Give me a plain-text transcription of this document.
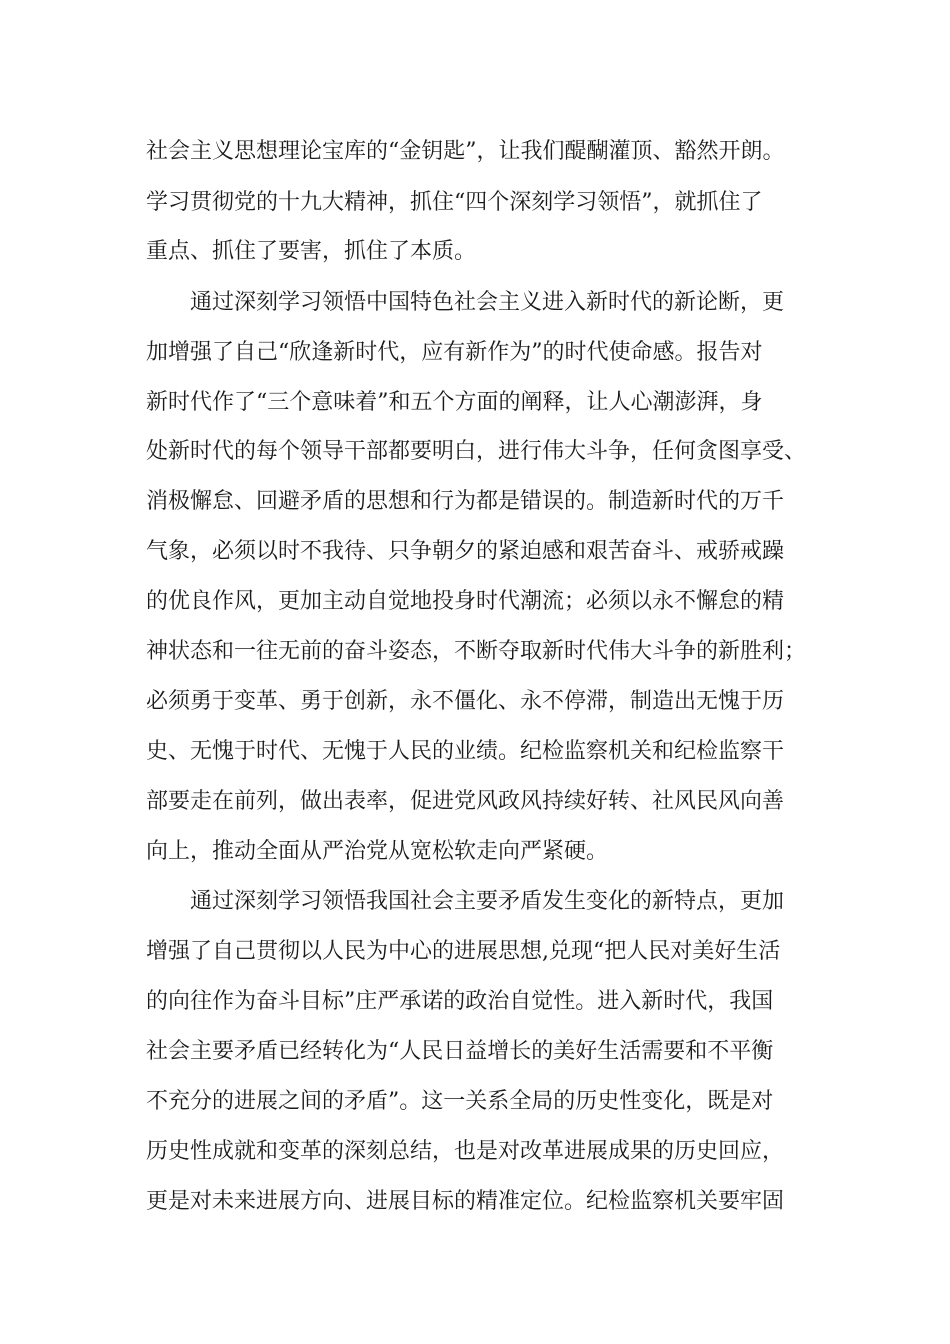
社会主义思想理论宝库的“金钥匙”，让我们醍醐灌顶、豁然开朗。
学习贯彻党的十九大精神，抓住“四个深刻学习领悟”，就抓住了
重点、抓住了要害，抓住了本质。
通过深刻学习领悟中国特色社会主义进入新时代的新论断，更
加增强了自己“欣逢新时代，应有新作为”的时代使命感。报告对
新时代作了“三个意味着”和五个方面的阐释，让人心潮澎湃，身
处新时代的每个领导干部都要明白，进行伟大斗争，任何贪图享受、
消极懈怠、回避矛盾的思想和行为都是错误的。制造新时代的万千
气象，必须以时不我待、只争朝夕的紧迫感和艰苦奋斗、戒骄戒躁
的优良作风，更加主动自觉地投身时代潮流；必须以永不懈怠的精
神状态和一往无前的奋斗姿态，不断夺取新时代伟大斗争的新胜利；
必须勇于变革、勇于创新，永不僵化、永不停滞，制造出无愧于历
史、无愧于时代、无愧于人民的业绩。纪检监察机关和纪检监察干
部要走在前列，做出表率，促进党风政风持续好转、社风民风向善
向上，推动全面从严治党从宽松软走向严紧硬。
通过深刻学习领悟我国社会主要矛盾发生变化的新特点，更加
增强了自己贯彻以人民为中心的进展思想,兑现“把人民对美好生活
的向往作为奋斗目标”庄严承诺的政治自觉性。进入新时代，我国
社会主要矛盾已经转化为“人民日益增长的美好生活需要和不平衡
不充分的进展之间的矛盾”。这一关系全局的历史性变化，既是对
历史性成就和变革的深刻总结，也是对改革进展成果的历史回应，
更是对未来进展方向、进展目标的精准定位。纪检监察机关要牢固
